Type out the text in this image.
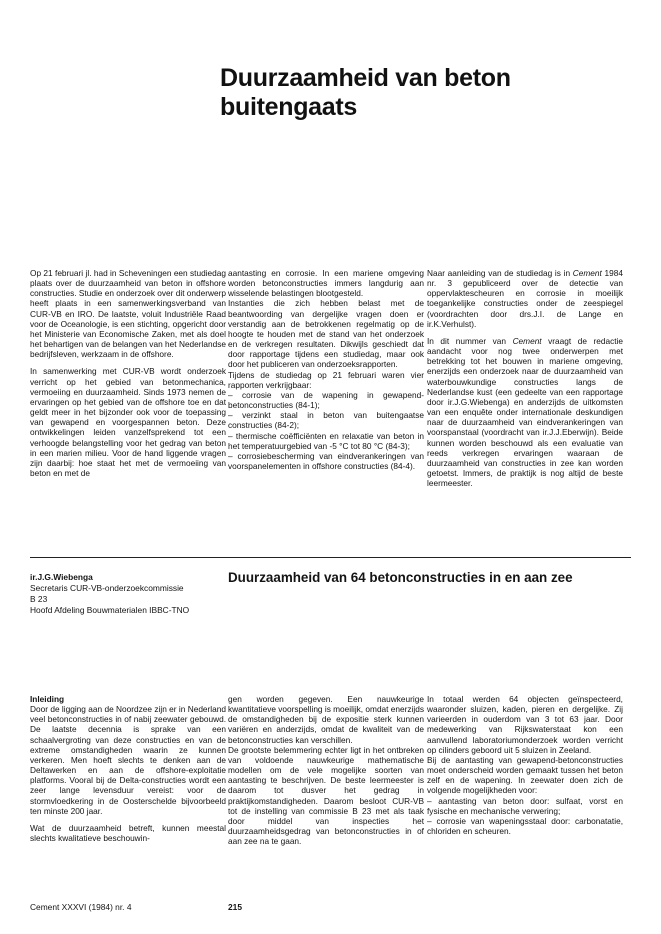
Duurzaamheid van beton buitengaats

Op 21 februari jl. had in Scheveningen een studiedag plaats over de duurzaamheid van beton in offshore constructies. Studie en onderzoek over dit onderwerp heeft plaats in een samenwerkingsverband van CUR-VB en IRO. De laatste, voluit Industriële Raad voor de Oceanologie, is een stichting, opgericht door het Ministerie van Economische Zaken, met als doel het behartigen van de belangen van het Nederlandse bedrijfsleven, werkzaam in de offshore.

In samenwerking met CUR-VB wordt onderzoek verricht op het gebied van betonmechanica, vermoeiing en duurzaamheid. Sinds 1973 nemen de ervaringen op het gebied van de offshore toe en dat geldt meer in het bijzonder ook voor de toepassing van gewapend en voorgespannen beton. Deze ontwikkelingen leiden vanzelfsprekend tot een verhoogde belangstelling voor het gedrag van beton in een marien milieu. Voor de hand liggende vragen zijn daarbij: hoe staat het met de vermoeiing van beton en met de

aantasting en corrosie. In een mariene omgeving worden betonconstructies immers langdurig aan wisselende belastingen blootgesteld.

Instanties die zich hebben belast met de beantwoording van dergelijke vragen doen er verstandig aan de betrokkenen regelmatig op de hoogte te houden met de stand van het onderzoek en de verkregen resultaten. Dikwijls geschiedt dat door rapportage tijdens een studiedag, maar ook door het publiceren van onderzoeksrapporten.

Tijdens de studiedag op 21 februari waren vier rapporten verkrijgbaar:

– corrosie van de wapening in gewapend-betonconstructies (84-1);

– verzinkt staal in beton van buitengaatse constructies (84-2);

– thermische coëfficiënten en relaxatie van beton in het temperatuurgebied van -5 °C tot 80 °C (84-3);

– corrosiebescherming van eindverankeringen van voorspanelementen in offshore constructies (84-4).

Naar aanleiding van de studiedag is in Cement 1984 nr. 3 gepubliceerd over de detectie van oppervlaktescheuren en corrosie in moeilijk toegankelijke constructies onder de zeespiegel (voordrachten door drs.J.I. de Lange en ir.K.Verhulst).

In dit nummer van Cement vraagt de redactie aandacht voor nog twee onderwerpen met betrekking tot het bouwen in mariene omgeving, enerzijds een onderzoek naar de duurzaamheid van waterbouwkundige constructies langs de Nederlandse kust (een gedeelte van een rapportage door ir.J.G.Wiebenga) en anderzijds de uitkomsten van een enquête onder internationale deskundigen naar de duurzaamheid van eindverankeringen van voorspanstaal (voordracht van ir.J.J.Eberwijn). Beide kunnen worden beschouwd als een evaluatie van reeds verkregen ervaringen waaraan de duurzaamheid van constructies in zee kan worden getoetst. Immers, de praktijk is nog altijd de beste leermeester.

ir.J.G.Wiebenga
Secretaris CUR-VB-onderzoekcommissie
B 23
Hoofd Afdeling Bouwmaterialen IBBC-TNO
Duurzaamheid van 64 betonconstructies in en aan zee

Inleiding
Door de ligging aan de Noordzee zijn er in Nederland veel betonconstructies in of nabij zeewater gebouwd. De laatste decennia is sprake van een schaalvergroting van deze constructies en van de extreme omstandigheden waarin ze kunnen verkeren. Men hoeft slechts te denken aan de Deltawerken en aan de offshore-exploitatie platforms. Vooral bij de Delta-constructies wordt een zeer lange levensduur vereist: voor de stormvloedkering in de Oosterschelde bijvoorbeeld ten minste 200 jaar.

Wat de duurzaamheid betreft, kunnen meestal slechts kwalitatieve beschouwin-

gen worden gegeven. Een nauwkeurige kwantitatieve voorspelling is moeilijk, omdat enerzijds de omstandigheden bij de expositie sterk kunnen variëren en anderzijds, omdat de kwaliteit van de betonconstructies kan verschillen.

De grootste belemmering echter ligt in het ontbreken van voldoende nauwkeurige mathematische modellen om de vele mogelijke soorten van aantasting te beschrijven. De beste leermeester is daarom tot dusver het gedrag in praktijkomstandigheden. Daarom besloot CUR-VB tot de instelling van commissie B 23 met als taak door middel van inspecties het duurzaamheidsgedrag van betonconstructies in of aan zee na te gaan.

In totaal werden 64 objecten geïnspecteerd, waaronder sluizen, kaden, pieren en dergelijke. Zij varieerden in ouderdom van 3 tot 63 jaar. Door medewerking van Rijkswaterstaat kon een aanvullend laboratoriumonderzoek worden verricht op cilinders geboord uit 5 sluizen in Zeeland.

Bij de aantasting van gewapend-betonconstructies moet onderscheid worden gemaakt tussen het beton zelf en de wapening. In zeewater doen zich de volgende mogelijkheden voor:

– aantasting van beton door: sulfaat, vorst en fysische en mechanische verwering;

– corrosie van wapeningsstaal door: carbonatatie, chloriden en scheuren.

Cement XXXVI (1984) nr. 4	215
